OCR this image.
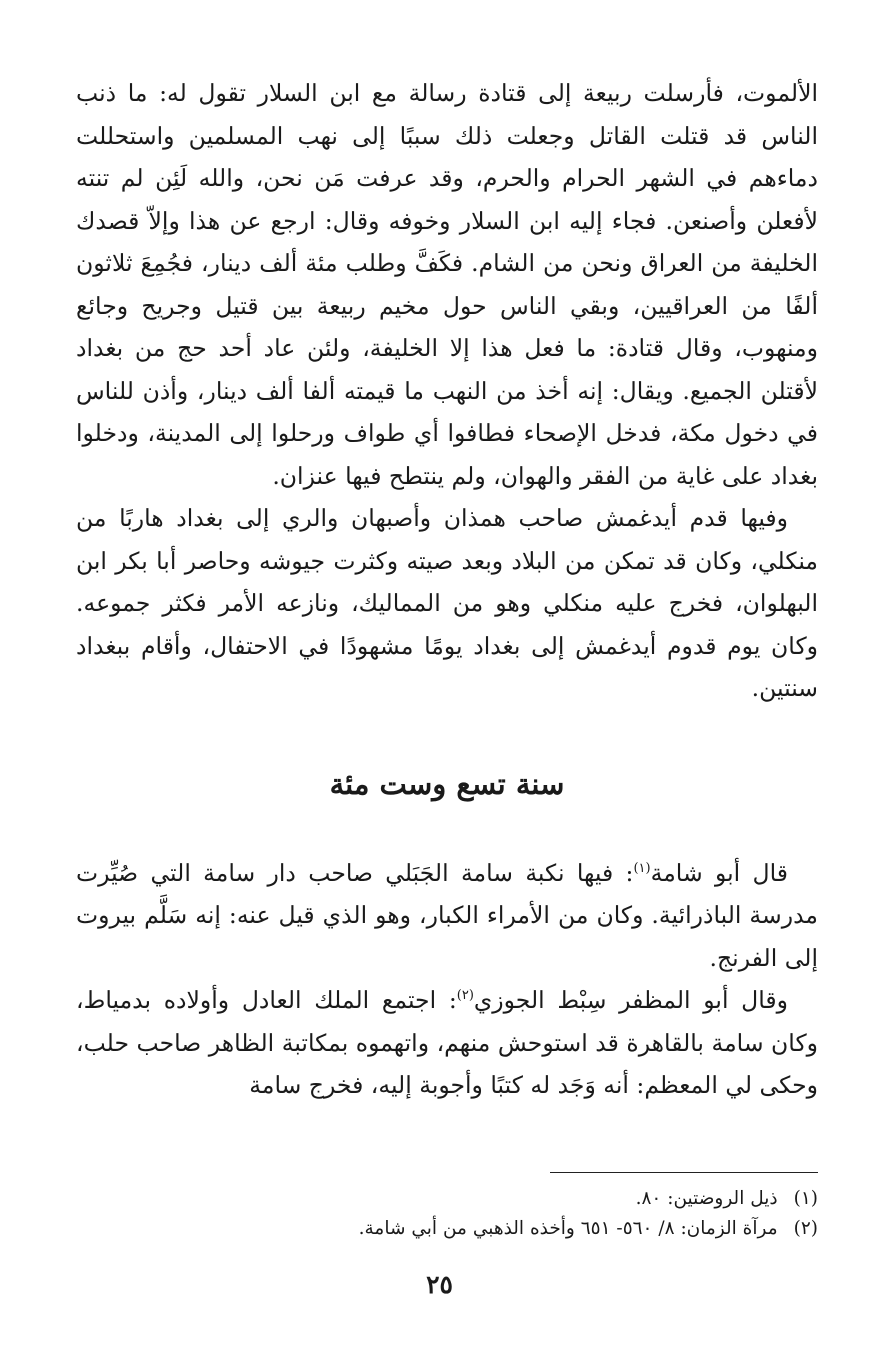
الألموت، فأرسلت ربيعة إلى قتادة رسالة مع ابن السلار تقول له: ما ذنب الناس قد قتلت القاتل وجعلت ذلك سببًا إلى نهب المسلمين واستحللت دماءهم في الشهر الحرام والحرم، وقد عرفت مَن نحن، والله لَئِن لم تنته لأفعلن وأصنعن. فجاء إليه ابن السلار وخوفه وقال: ارجع عن هذا وإلاّ قصدك الخليفة من العراق ونحن من الشام. فكَفَّ وطلب مئة ألف دينار، فجُمِعَ ثلاثون ألفًا من العراقيين، وبقي الناس حول مخيم ربيعة بين قتيل وجريح وجائع ومنهوب، وقال قتادة: ما فعل هذا إلا الخليفة، ولئن عاد أحد حج من بغداد لأقتلن الجميع. ويقال: إنه أخذ من النهب ما قيمته ألفا ألف دينار، وأذن للناس في دخول مكة، فدخل الإصحاء فطافوا أي طواف ورحلوا إلى المدينة، ودخلوا بغداد على غاية من الفقر والهوان، ولم ينتطح فيها عنزان.

وفيها قدم أيدغمش صاحب همذان وأصبهان والري إلى بغداد هاربًا من منكلي، وكان قد تمكن من البلاد وبعد صيته وكثرت جيوشه وحاصر أبا بكر ابن البهلوان، فخرج عليه منكلي وهو من المماليك، ونازعه الأمر فكثر جموعه. وكان يوم قدوم أيدغمش إلى بغداد يومًا مشهودًا في الاحتفال، وأقام ببغداد سنتين.

سنة تسع وست مئة

قال أبو شامة$^{(١)}$: فيها نكبة سامة الجَبَلي صاحب دار سامة التي صُيِّرت مدرسة الباذرائية. وكان من الأمراء الكبار، وهو الذي قيل عنه: إنه سَلَّم بيروت إلى الفرنج.

وقال أبو المظفر سِبْط الجوزي$^{(٢)}$: اجتمع الملك العادل وأولاده بدمياط، وكان سامة بالقاهرة قد استوحش منهم، واتهموه بمكاتبة الظاهر صاحب حلب، وحكى لي المعظم: أنه وَجَد له كتبًا وأجوبة إليه، فخرج سامة

(١)ذيل الروضتين: ٨٠.

(٢)مرآة الزمان: ٨/ ٥٦٠- ٦٥١ وأخذه الذهبي من أبي شامة.

٢٥
